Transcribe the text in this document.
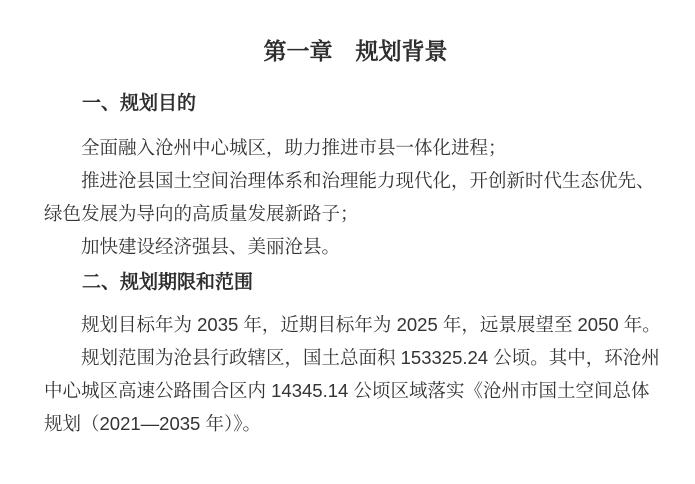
第一章　规划背景
一、规划目的

全面融入沧州中心城区，助力推进市县一体化进程；

推进沧县国土空间治理体系和治理能力现代化，开创新时代生态优先、

绿色发展为导向的高质量发展新路子；

加快建设经济强县、美丽沧县。

二、规划期限和范围

规划目标年为 2035 年，近期目标年为 2025 年，远景展望至 2050 年。

规划范围为沧县行政辖区，国土总面积 153325.24 公顷。其中，环沧州

中心城区高速公路围合区内 14345.14 公顷区域落实《沧州市国土空间总体

规划（2021—2035 年）》。
